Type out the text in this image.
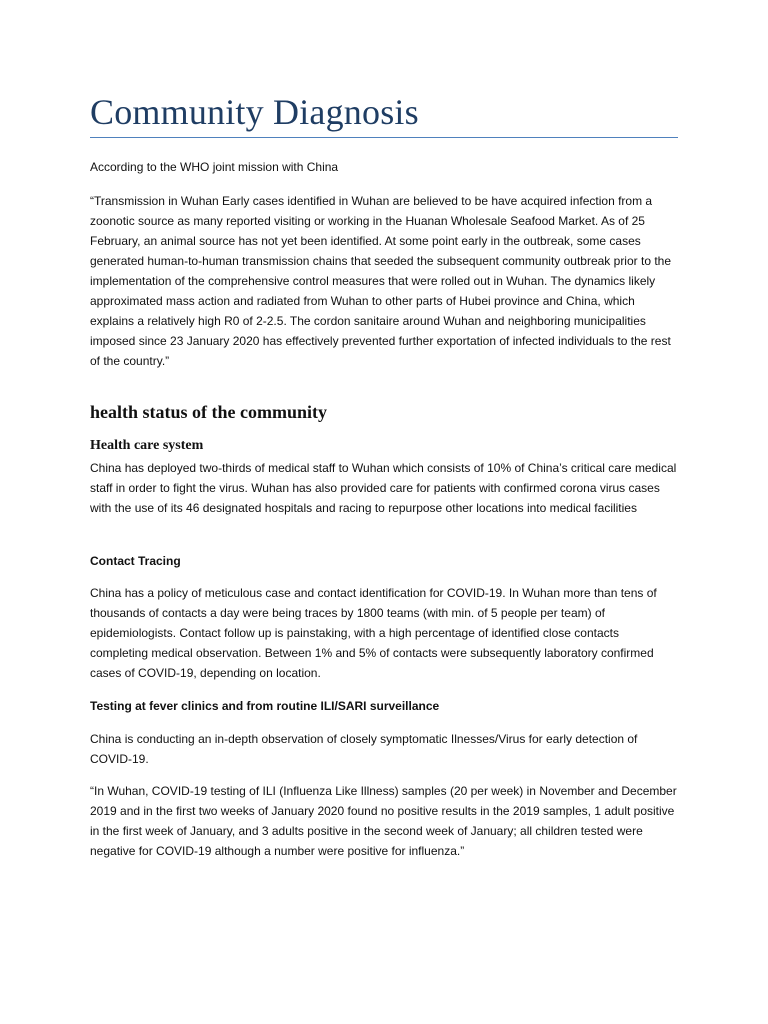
Community Diagnosis

According to the WHO joint mission with China

“Transmission in Wuhan Early cases identified in Wuhan are believed to be have acquired infection from a zoonotic source as many reported visiting or working in the Huanan Wholesale Seafood Market. As of 25 February, an animal source has not yet been identified. At some point early in the outbreak, some cases generated human-to-human transmission chains that seeded the subsequent community outbreak prior to the implementation of the comprehensive control measures that were rolled out in Wuhan. The dynamics likely approximated mass action and radiated from Wuhan to other parts of Hubei province and China, which explains a relatively high R0 of 2-2.5. The cordon sanitaire around Wuhan and neighboring municipalities imposed since 23 January 2020 has effectively prevented further exportation of infected individuals to the rest of the country.”

health status of the community
Health care system

China has deployed two-thirds of medical staff to Wuhan which consists of 10% of China’s critical care medical staff in order to fight the virus. Wuhan has also provided care for patients with confirmed corona virus cases with the use of its 46 designated hospitals and racing to repurpose other locations into medical facilities

Contact Tracing

China has a policy of meticulous case and contact identification for COVID-19. In Wuhan more than tens of thousands of contacts a day were being traces by 1800 teams (with min. of 5 people per team) of epidemiologists. Contact follow up is painstaking, with a high percentage of identified close contacts completing medical observation. Between 1% and 5% of contacts were subsequently laboratory confirmed cases of COVID-19, depending on location.

Testing at fever clinics and from routine ILI/SARI surveillance

China is conducting an in-depth observation of closely symptomatic Ilnesses/Virus for early detection of COVID-19.

“In Wuhan, COVID-19 testing of ILI (Influenza Like Illness) samples (20 per week) in November and December 2019 and in the first two weeks of January 2020 found no positive results in the 2019 samples, 1 adult positive in the first week of January, and 3 adults positive in the second week of January; all children tested were negative for COVID-19 although a number were positive for influenza.”
